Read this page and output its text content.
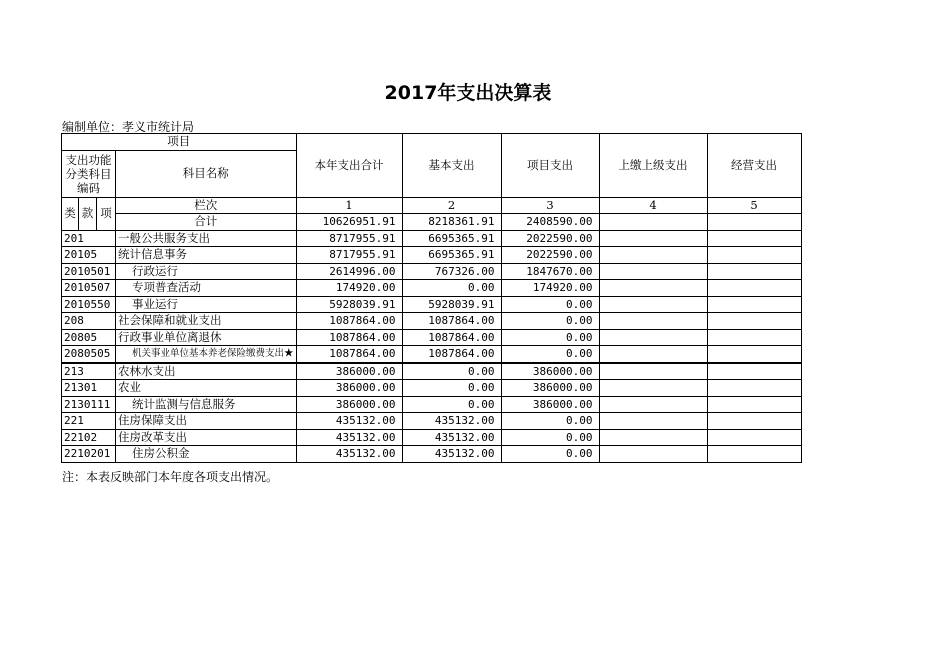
2017年支出决算表
编制单位：孝义市统计局
项目				本年支出合计	基本支出	项目支出	上缴上级支出	经营支出
支出功能分类科目编码			科目名称					

类	款	项	栏次	1	2	3	4	5
			合计	10626951.91	8218361.91	2408590.00		
201			一般公共服务支出	8717955.91	6695365.91	2022590.00		
20105			统计信息事务	8717955.91	6695365.91	2022590.00		
2010501			行政运行	2614996.00	767326.00	1847670.00		
2010507			专项普查活动	174920.00	0.00	174920.00		
2010550			事业运行	5928039.91	5928039.91	0.00		
208			社会保障和就业支出	1087864.00	1087864.00	0.00		
20805			行政事业单位离退休	1087864.00	1087864.00	0.00		
2080505			机关事业单位基本养老保险缴费支出★	1087864.00	1087864.00	0.00		
213			农林水支出	386000.00	0.00	386000.00		
21301			农业	386000.00	0.00	386000.00		
2130111			统计监测与信息服务	386000.00	0.00	386000.00		
221			住房保障支出	435132.00	435132.00	0.00		
22102			住房改革支出	435132.00	435132.00	0.00		
2210201			住房公积金	435132.00	435132.00	0.00		
注：本表反映部门本年度各项支出情况。
